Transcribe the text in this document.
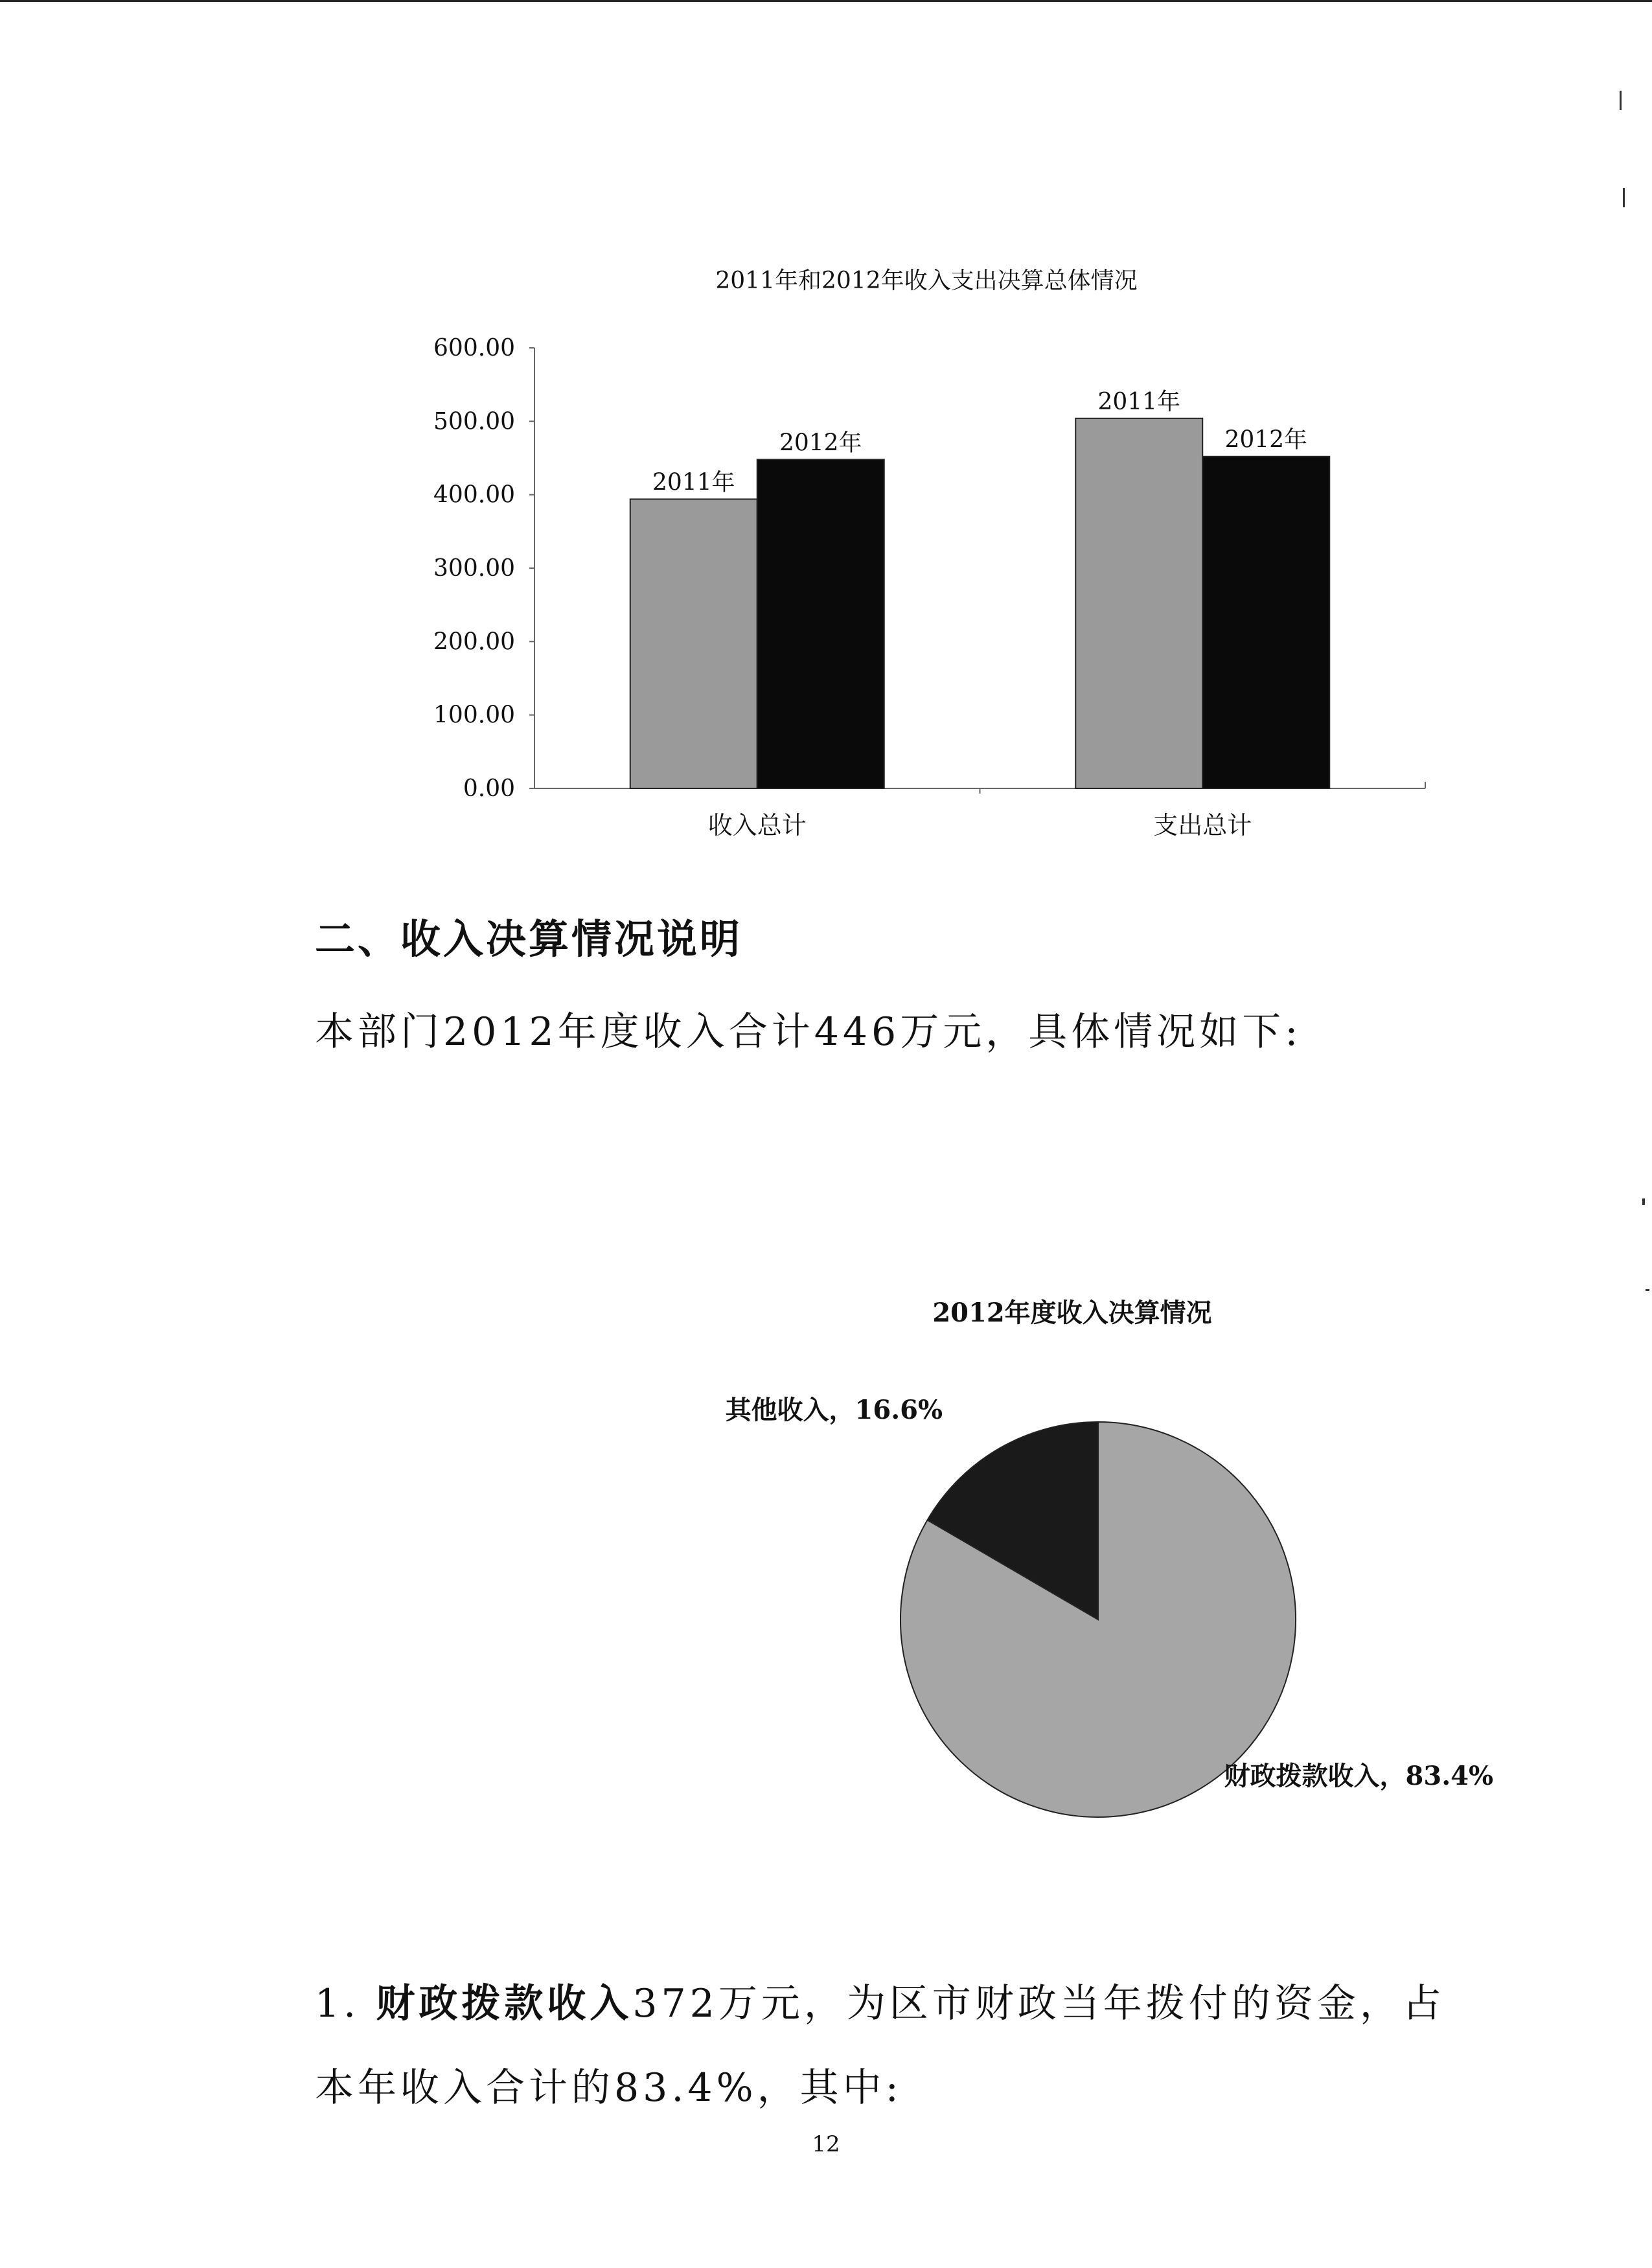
2011年和2012年收入支出决算总体情况
0.00
100.00
200.00
300.00
400.00
500.00
600.00
2011年
2012年
2011年
2012年
收入总计	支出总计
二、收入决算情况说明
本部门2012年度收入合计446万元，具体情况如下:
2012年度收入决算情况
财政拨款收入，83.4%
其他收入，16.6%
1. 财政拨款收入372万元，为区市财政当年拨付的资金，占
本年收入合计的83.4%，其中:
12
